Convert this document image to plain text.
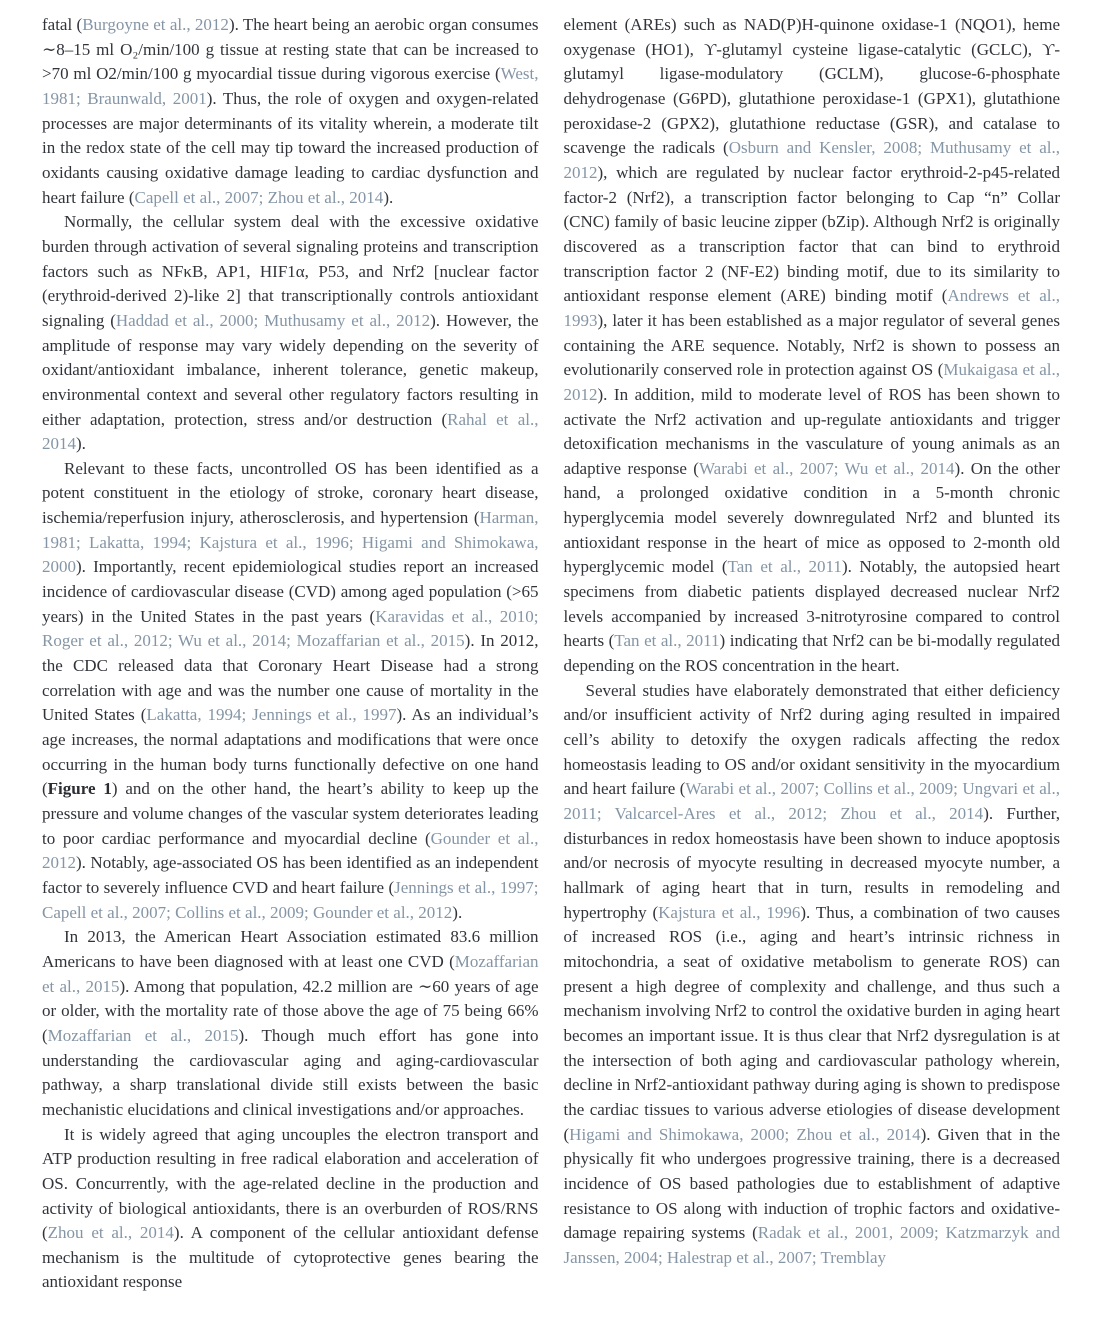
fatal (Burgoyne et al., 2012). The heart being an aerobic organ consumes ∼8–15 ml O₂/min/100 g tissue at resting state that can be increased to >70 ml O2/min/100 g myocardial tissue during vigorous exercise (West, 1981; Braunwald, 2001). Thus, the role of oxygen and oxygen-related processes are major determinants of its vitality wherein, a moderate tilt in the redox state of the cell may tip toward the increased production of oxidants causing oxidative damage leading to cardiac dysfunction and heart failure (Capell et al., 2007; Zhou et al., 2014).

Normally, the cellular system deal with the excessive oxidative burden through activation of several signaling proteins and transcription factors such as NFκB, AP1, HIF1α, P53, and Nrf2 [nuclear factor (erythroid-derived 2)-like 2] that transcriptionally controls antioxidant signaling (Haddad et al., 2000; Muthusamy et al., 2012). However, the amplitude of response may vary widely depending on the severity of oxidant/antioxidant imbalance, inherent tolerance, genetic makeup, environmental context and several other regulatory factors resulting in either adaptation, protection, stress and/or destruction (Rahal et al., 2014).

Relevant to these facts, uncontrolled OS has been identified as a potent constituent in the etiology of stroke, coronary heart disease, ischemia/reperfusion injury, atherosclerosis, and hypertension (Harman, 1981; Lakatta, 1994; Kajstura et al., 1996; Higami and Shimokawa, 2000). Importantly, recent epidemiological studies report an increased incidence of cardiovascular disease (CVD) among aged population (>65 years) in the United States in the past years (Karavidas et al., 2010; Roger et al., 2012; Wu et al., 2014; Mozaffarian et al., 2015). In 2012, the CDC released data that Coronary Heart Disease had a strong correlation with age and was the number one cause of mortality in the United States (Lakatta, 1994; Jennings et al., 1997). As an individual’s age increases, the normal adaptations and modifications that were once occurring in the human body turns functionally defective on one hand (Figure 1) and on the other hand, the heart’s ability to keep up the pressure and volume changes of the vascular system deteriorates leading to poor cardiac performance and myocardial decline (Gounder et al., 2012). Notably, age-associated OS has been identified as an independent factor to severely influence CVD and heart failure (Jennings et al., 1997; Capell et al., 2007; Collins et al., 2009; Gounder et al., 2012).

In 2013, the American Heart Association estimated 83.6 million Americans to have been diagnosed with at least one CVD (Mozaffarian et al., 2015). Among that population, 42.2 million are ∼60 years of age or older, with the mortality rate of those above the age of 75 being 66% (Mozaffarian et al., 2015). Though much effort has gone into understanding the cardiovascular aging and aging-cardiovascular pathway, a sharp translational divide still exists between the basic mechanistic elucidations and clinical investigations and/or approaches.

It is widely agreed that aging uncouples the electron transport and ATP production resulting in free radical elaboration and acceleration of OS. Concurrently, with the age-related decline in the production and activity of biological antioxidants, there is an overburden of ROS/RNS (Zhou et al., 2014). A component of the cellular antioxidant defense mechanism is the multitude of cytoprotective genes bearing the antioxidant response

element (AREs) such as NAD(P)H-quinone oxidase-1 (NQO1), heme oxygenase (HO1), ϒ-glutamyl cysteine ligase-catalytic (GCLC), ϒ-glutamyl ligase-modulatory (GCLM), glucose-6-phosphate dehydrogenase (G6PD), glutathione peroxidase-1 (GPX1), glutathione peroxidase-2 (GPX2), glutathione reductase (GSR), and catalase to scavenge the radicals (Osburn and Kensler, 2008; Muthusamy et al., 2012), which are regulated by nuclear factor erythroid-2-p45-related factor-2 (Nrf2), a transcription factor belonging to Cap “n” Collar (CNC) family of basic leucine zipper (bZip). Although Nrf2 is originally discovered as a transcription factor that can bind to erythroid transcription factor 2 (NF-E2) binding motif, due to its similarity to antioxidant response element (ARE) binding motif (Andrews et al., 1993), later it has been established as a major regulator of several genes containing the ARE sequence. Notably, Nrf2 is shown to possess an evolutionarily conserved role in protection against OS (Mukaigasa et al., 2012). In addition, mild to moderate level of ROS has been shown to activate the Nrf2 activation and up-regulate antioxidants and trigger detoxification mechanisms in the vasculature of young animals as an adaptive response (Warabi et al., 2007; Wu et al., 2014). On the other hand, a prolonged oxidative condition in a 5-month chronic hyperglycemia model severely downregulated Nrf2 and blunted its antioxidant response in the heart of mice as opposed to 2-month old hyperglycemic model (Tan et al., 2011). Notably, the autopsied heart specimens from diabetic patients displayed decreased nuclear Nrf2 levels accompanied by increased 3-nitrotyrosine compared to control hearts (Tan et al., 2011) indicating that Nrf2 can be bi-modally regulated depending on the ROS concentration in the heart.

Several studies have elaborately demonstrated that either deficiency and/or insufficient activity of Nrf2 during aging resulted in impaired cell’s ability to detoxify the oxygen radicals affecting the redox homeostasis leading to OS and/or oxidant sensitivity in the myocardium and heart failure (Warabi et al., 2007; Collins et al., 2009; Ungvari et al., 2011; Valcarcel-Ares et al., 2012; Zhou et al., 2014). Further, disturbances in redox homeostasis have been shown to induce apoptosis and/or necrosis of myocyte resulting in decreased myocyte number, a hallmark of aging heart that in turn, results in remodeling and hypertrophy (Kajstura et al., 1996). Thus, a combination of two causes of increased ROS (i.e., aging and heart’s intrinsic richness in mitochondria, a seat of oxidative metabolism to generate ROS) can present a high degree of complexity and challenge, and thus such a mechanism involving Nrf2 to control the oxidative burden in aging heart becomes an important issue. It is thus clear that Nrf2 dysregulation is at the intersection of both aging and cardiovascular pathology wherein, decline in Nrf2-antioxidant pathway during aging is shown to predispose the cardiac tissues to various adverse etiologies of disease development (Higami and Shimokawa, 2000; Zhou et al., 2014). Given that in the physically fit who undergoes progressive training, there is a decreased incidence of OS based pathologies due to establishment of adaptive resistance to OS along with induction of trophic factors and oxidative-damage repairing systems (Radak et al., 2001, 2009; Katzmarzyk and Janssen, 2004; Halestrap et al., 2007; Tremblay
